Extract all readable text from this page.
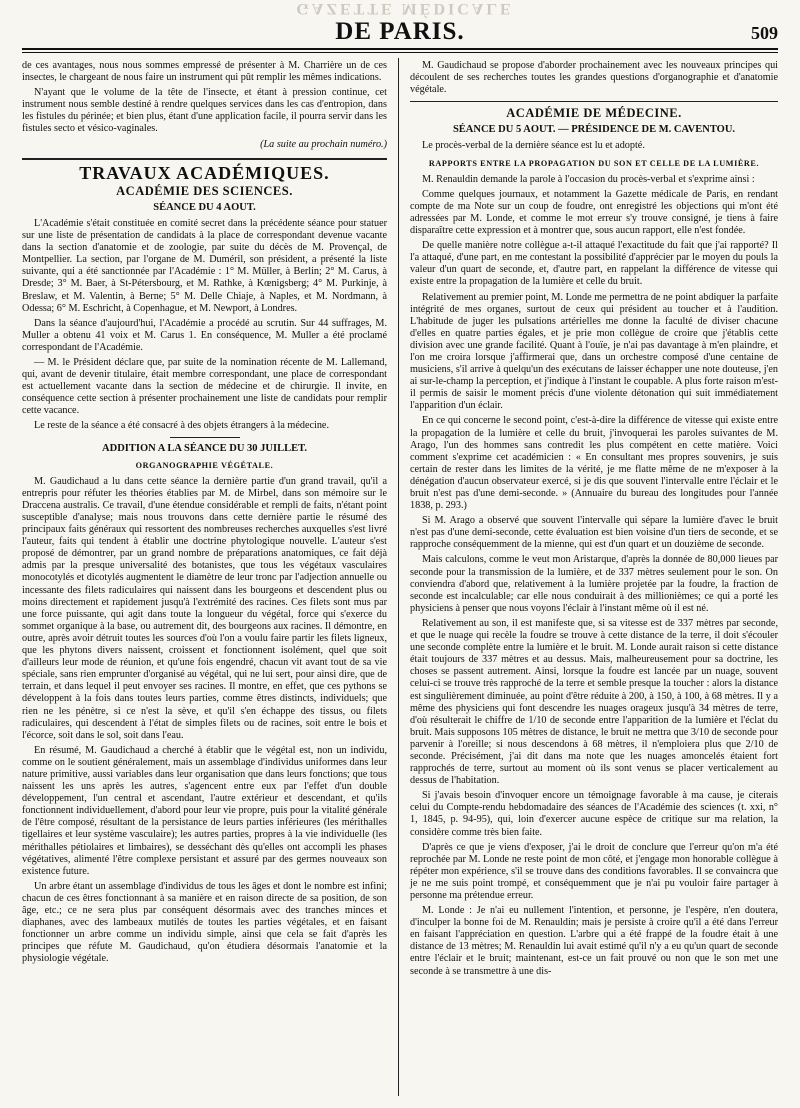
GAZETTE MÉDICALE
DE PARIS.	509

de ces avantages, nous nous sommes empressé de présenter à M. Charrière un de ces insectes, le chargeant de nous faire un instrument qui pût remplir les mêmes indications.

N'ayant que le volume de la tête de l'insecte, et étant à pression continue, cet instrument nous semble destiné à rendre quelques services dans les cas d'entropion, dans les fistules du périnée; et bien plus, étant d'une application facile, il pourra servir dans les fistules secto et vésico-vaginales.

(La suite au prochain numéro.)
TRAVAUX ACADÉMIQUES.
ACADÉMIE DES SCIENCES.
SÉANCE DU 4 AOUT.

L'Académie s'était constituée en comité secret dans la précédente séance pour statuer sur une liste de présentation de candidats à la place de correspondant devenue vacante dans la section d'anatomie et de zoologie, par suite du décès de M. Provençal, de Montpellier. La section, par l'organe de M. Duméril, son président, a présenté la liste suivante, qui a été sanctionnée par l'Académie : 1° M. Müller, à Berlin; 2° M. Carus, à Dresde; 3° M. Baer, à St-Pétersbourg, et M. Rathke, à Kœnigsberg; 4° M. Purkinje, à Breslaw, et M. Valentin, à Berne; 5° M. Delle Chiaje, à Naples, et M. Nordmann, à Odessa; 6° M. Eschricht, à Copenhague, et M. Newport, à Londres.

Dans la séance d'aujourd'hui, l'Académie a procédé au scrutin. Sur 44 suffrages, M. Muller a obtenu 41 voix et M. Carus 1. En conséquence, M. Muller a été proclamé correspondant de l'Académie.

— M. le Président déclare que, par suite de la nomination récente de M. Lallemand, qui, avant de devenir titulaire, était membre correspondant, une place de correspondant est actuellement vacante dans la section de médecine et de chirurgie. Il invite, en conséquence cette section à présenter prochainement une liste de candidats pour remplir cette vacance.

Le reste de la séance a été consacré à des objets étrangers à la médecine.

ADDITION A LA SÉANCE DU 30 JUILLET.
ORGANOGRAPHIE VÉGÉTALE.

M. Gaudichaud a lu dans cette séance la dernière partie d'un grand travail, qu'il a entrepris pour réfuter les théories établies par M. de Mirbel, dans son mémoire sur le Draccena australis. Ce travail, d'une étendue considérable et rempli de faits, n'étant point susceptible d'analyse; mais nous trouvons dans cette dernière partie le résumé des principaux faits généraux qui ressortent des nombreuses recherches auxquelles s'est livré l'auteur, faits qui tendent à établir une doctrine phytologique nouvelle. L'auteur s'est proposé de démontrer, par un grand nombre de préparations anatomiques, ce fait déjà admis par la presque universalité des botanistes, que tous les végétaux vasculaires monocotylés et dicotylés augmentent le diamètre de leur tronc par l'adjection annuelle ou incessante des filets radiculaires qui naissent dans les bourgeons et descendent plus ou moins directement et rapidement jusqu'à l'extrémité des racines. Ces filets sont mus par une force puissante, qui agit dans toute la longueur du végétal, force qui s'exerce du sommet organique à la base, ou autrement dit, des bourgeons aux racines. Il démontre, en outre, après avoir détruit toutes les sources d'où l'on a voulu faire partir les filets ligneux, que les phytons divers naissent, croissent et fonctionnent isolément, quel que soit d'ailleurs leur mode de réunion, et qu'une fois engendré, chacun vit avant tout de sa vie spéciale, sans rien emprunter d'organisé au végétal, qui ne lui sert, pour ainsi dire, que de terrain, et dans lequel il peut envoyer ses racines. Il montre, en effet, que ces pythons se développent à la fois dans toutes leurs parties, comme êtres distincts, individuels; que rien ne les pénètre, si ce n'est la sève, et qu'il s'en échappe des tissus, ou filets radiculaires, qui descendent à l'état de simples filets ou de racines, soit entre le bois et l'écorce, soit dans le sol, soit dans l'eau.

En résumé, M. Gaudichaud a cherché à établir que le végétal est, non un individu, comme on le soutient généralement, mais un assemblage d'individus uniformes dans leur nature primitive, aussi variables dans leur organisation que dans leurs fonctions; que tous naissent les uns après les autres, s'agencent entre eux par l'effet d'un double développement, l'un central et ascendant, l'autre extérieur et descendant, et qu'ils fonctionnent individuellement, d'abord pour leur vie propre, puis pour la vitalité générale de l'être composé, résultant de la persistance de leurs parties inférieures (les mérithalles tigellaires et leur système vasculaire); les autres parties, propres à la vie individuelle (les mérithalles pétiolaires et limbaires), se desséchant dès qu'elles ont accompli les phases végétatives, alimenté l'être complexe persistant et assuré par des germes nouveaux son existence future.

Un arbre étant un assemblage d'individus de tous les âges et dont le nombre est infini; chacun de ces êtres fonctionnant à sa manière et en raison directe de sa position, de son âge, etc.; ce ne sera plus par conséquent désormais avec des tranches minces et diaphanes, avec des lambeaux mutilés de toutes les parties végétales, et en faisant fonctionner un arbre comme un individu simple, ainsi que cela se fait d'après les principes que réfute M. Gaudichaud, qu'on étudiera désormais l'anatomie et la physiologie végétale.

M. Gaudichaud se propose d'aborder prochainement avec les nouveaux principes qui découlent de ses recherches toutes les grandes questions d'organographie et d'anatomie végétale.

ACADÉMIE DE MÉDECINE.
SÉANCE DU 5 AOUT. — PRÉSIDENCE DE M. CAVENTOU.

Le procès-verbal de la dernière séance est lu et adopté.

RAPPORTS ENTRE LA PROPAGATION DU SON ET CELLE DE LA LUMIÈRE.

M. Renauldin demande la parole à l'occasion du procès-verbal et s'exprime ainsi :

Comme quelques journaux, et notamment la Gazette médicale de Paris, en rendant compte de ma Note sur un coup de foudre, ont enregistré les objections qui m'ont été adressées par M. Londe, et comme le mot erreur s'y trouve consigné, je tiens à faire disparaître cette expression et à montrer que, sous aucun rapport, elle n'est fondée.

De quelle manière notre collègue a-t-il attaqué l'exactitude du fait que j'ai rapporté? Il l'a attaqué, d'une part, en me contestant la possibilité d'apprécier par le moyen du pouls la valeur d'un quart de seconde, et, d'autre part, en rappelant la différence de vitesse qui existe entre la propagation de la lumière et celle du bruit.

Relativement au premier point, M. Londe me permettra de ne point abdiquer la parfaite intégrité de mes organes, surtout de ceux qui président au toucher et à l'audition. L'habitude de juger les pulsations artérielles me donne la faculté de diviser chacune d'elles en quatre parties égales, et je prie mon collègue de croire que j'établis cette division avec une grande facilité. Quant à l'ouïe, je n'ai pas davantage à m'en plaindre, et l'on me croira lorsque j'affirmerai que, dans un orchestre composé d'une centaine de musiciens, s'il arrive à quelqu'un des exécutans de laisser échapper une note douteuse, j'en ai sur-le-champ la perception, et j'indique à l'instant le coupable. A plus forte raison m'est-il permis de saisir le moment précis d'une violente détonation qui suit immédiatement l'apparition d'un éclair.

En ce qui concerne le second point, c'est-à-dire la différence de vitesse qui existe entre la propagation de la lumière et celle du bruit, j'invoquerai les paroles suivantes de M. Arago, l'un des hommes sans contredit les plus compétent en cette matière. Voici comment s'exprime cet académicien : « En consultant mes propres souvenirs, je suis certain de rester dans les limites de la vérité, je me flatte même de ne m'exposer à la dénégation d'aucun observateur exercé, si je dis que souvent l'intervalle entre l'éclair et le bruit n'est pas d'une demi-seconde. » (Annuaire du bureau des longitudes pour l'année 1838, p. 293.)

Si M. Arago a observé que souvent l'intervalle qui sépare la lumière d'avec le bruit n'est pas d'une demi-seconde, cette évaluation est bien voisine d'un tiers de seconde, et se rapproche conséquemment de la mienne, qui est d'un quart et un douzième de seconde.

Mais calculons, comme le veut mon Aristarque, d'après la donnée de 80,000 lieues par seconde pour la transmission de la lumière, et de 337 mètres seulement pour le son. On conviendra d'abord que, relativement à la lumière projetée par la foudre, la fraction de seconde est incalculable; car elle nous conduirait à des millionièmes; ce qui a porté les physiciens à penser que nous voyons l'éclair à l'instant même où il est né.

Relativement au son, il est manifeste que, si sa vitesse est de 337 mètres par seconde, et que le nuage qui recèle la foudre se trouve à cette distance de la terre, il doit s'écouler une seconde complète entre la lumière et le bruit. M. Londe aurait raison si cette distance était toujours de 337 mètres et au dessus. Mais, malheureusement pour sa doctrine, les choses se passent autrement. Ainsi, lorsque la foudre est lancée par un nuage, souvent celui-ci se trouve très rapproché de la terre et semble presque la toucher : alors la distance est singulièrement diminuée, au point d'être réduite à 200, à 150, à 100, à 68 mètres. Il y a même des physiciens qui font descendre les nuages orageux jusqu'à 34 mètres de terre, d'où résulterait le chiffre de 1/10 de seconde entre l'apparition de la lumière et l'éclat du bruit. Mais supposons 105 mètres de distance, le bruit ne mettra que 3/10 de seconde pour parvenir à l'oreille; si nous descendons à 68 mètres, il n'emploiera plus que 2/10 de seconde. Précisément, j'ai dit dans ma note que les nuages amoncelés étaient fort rapprochés de terre, surtout au moment où ils sont venus se placer verticalement au dessus de l'habitation.

Si j'avais besoin d'invoquer encore un témoignage favorable à ma cause, je citerais celui du Compte-rendu hebdomadaire des séances de l'Académie des sciences (t. xxi, n° 1, 1845, p. 94-95), qui, loin d'exercer aucune espèce de critique sur ma relation, la considère comme très bien faite.

D'après ce que je viens d'exposer, j'ai le droit de conclure que l'erreur qu'on m'a été reprochée par M. Londe ne reste point de mon côté, et j'engage mon honorable collègue à répéter mon expérience, s'il se trouve dans des conditions favorables. Il se convaincra que je ne me suis point trompé, et conséquemment que je n'ai pu vouloir faire partager à personne ma prétendue erreur.

M. Londe : Je n'ai eu nullement l'intention, et personne, je l'espère, n'en doutera, d'inculper la bonne foi de M. Renauldin; mais je persiste à croire qu'il a été dans l'erreur en faisant l'appréciation en question. L'arbre qui a été frappé de la foudre était à une distance de 13 mètres; M. Renauldin lui avait estimé qu'il n'y a eu qu'un quart de seconde entre l'éclair et le bruit; maintenant, est-ce un fait prouvé ou non que le son met une seconde à se transmettre à une dis-
